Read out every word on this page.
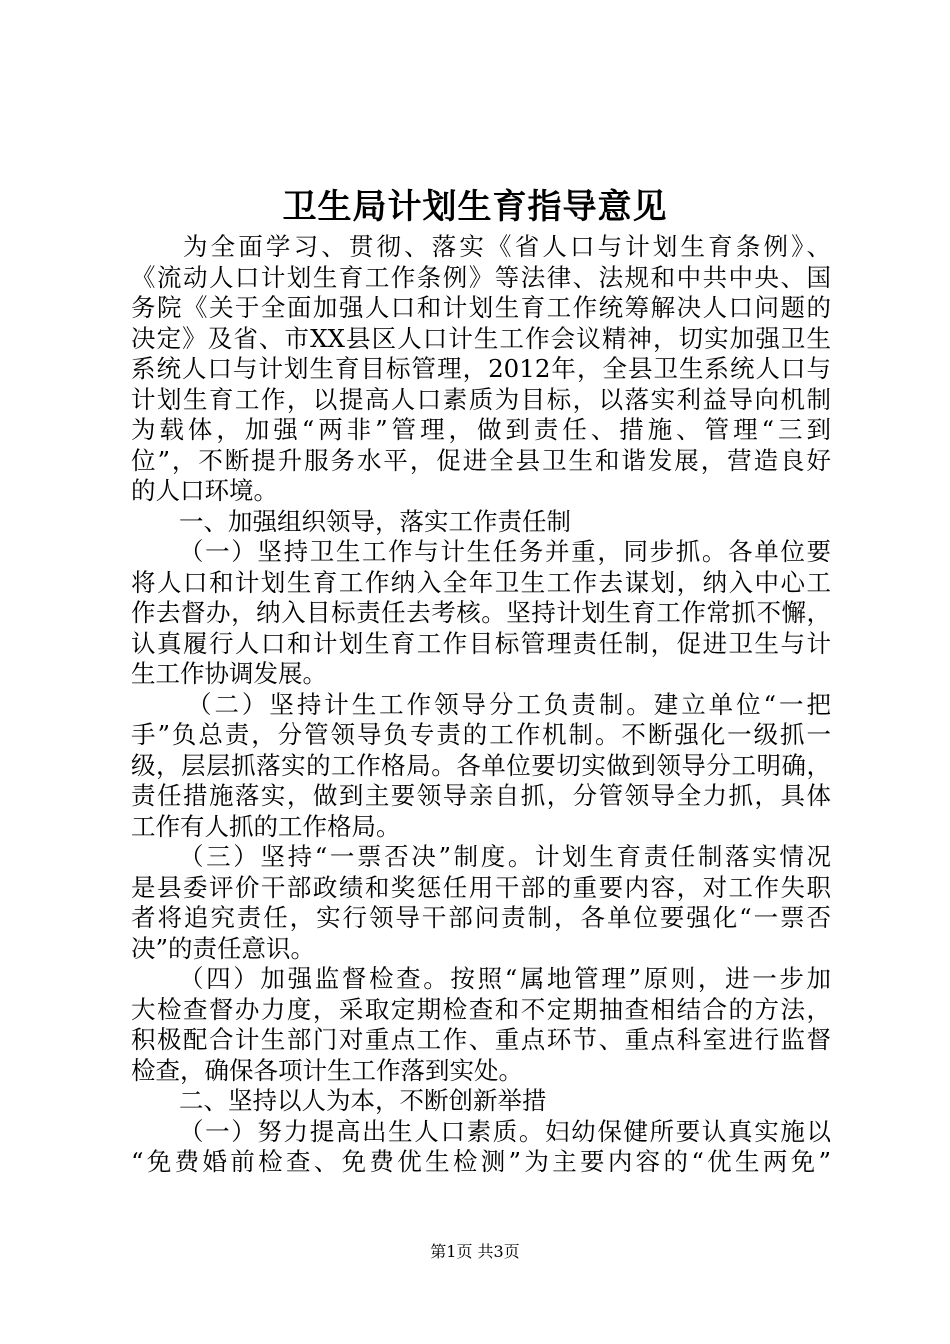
卫生局计划生育指导意见
为全面学习、贯彻、落实《省人口与计划生育条例》、
《流动人口计划生育工作条例》等法律、法规和中共中央、国
务院《关于全面加强人口和计划生育工作统筹解决人口问题的
决定》及省、市XX县区人口计生工作会议精神，切实加强卫生
系统人口与计划生育目标管理，2012年，全县卫生系统人口与
计划生育工作，以提高人口素质为目标，以落实利益导向机制
为载体，加强“两非”管理，做到责任、措施、管理“三到
位”，不断提升服务水平，促进全县卫生和谐发展，营造良好
的人口环境。
一、加强组织领导，落实工作责任制
（一）坚持卫生工作与计生任务并重，同步抓。各单位要
将人口和计划生育工作纳入全年卫生工作去谋划，纳入中心工
作去督办，纳入目标责任去考核。坚持计划生育工作常抓不懈，
认真履行人口和计划生育工作目标管理责任制，促进卫生与计
生工作协调发展。
（二）坚持计生工作领导分工负责制。建立单位“一把
手”负总责，分管领导负专责的工作机制。不断强化一级抓一
级，层层抓落实的工作格局。各单位要切实做到领导分工明确，
责任措施落实，做到主要领导亲自抓，分管领导全力抓，具体
工作有人抓的工作格局。
（三）坚持“一票否决”制度。计划生育责任制落实情况
是县委评价干部政绩和奖惩任用干部的重要内容，对工作失职
者将追究责任，实行领导干部问责制，各单位要强化“一票否
决”的责任意识。
（四）加强监督检查。按照“属地管理”原则，进一步加
大检查督办力度，采取定期检查和不定期抽查相结合的方法，
积极配合计生部门对重点工作、重点环节、重点科室进行监督
检查，确保各项计生工作落到实处。
二、坚持以人为本，不断创新举措
（一）努力提高出生人口素质。妇幼保健所要认真实施以
“免费婚前检查、免费优生检测”为主要内容的“优生两免”
第1页 共3页
